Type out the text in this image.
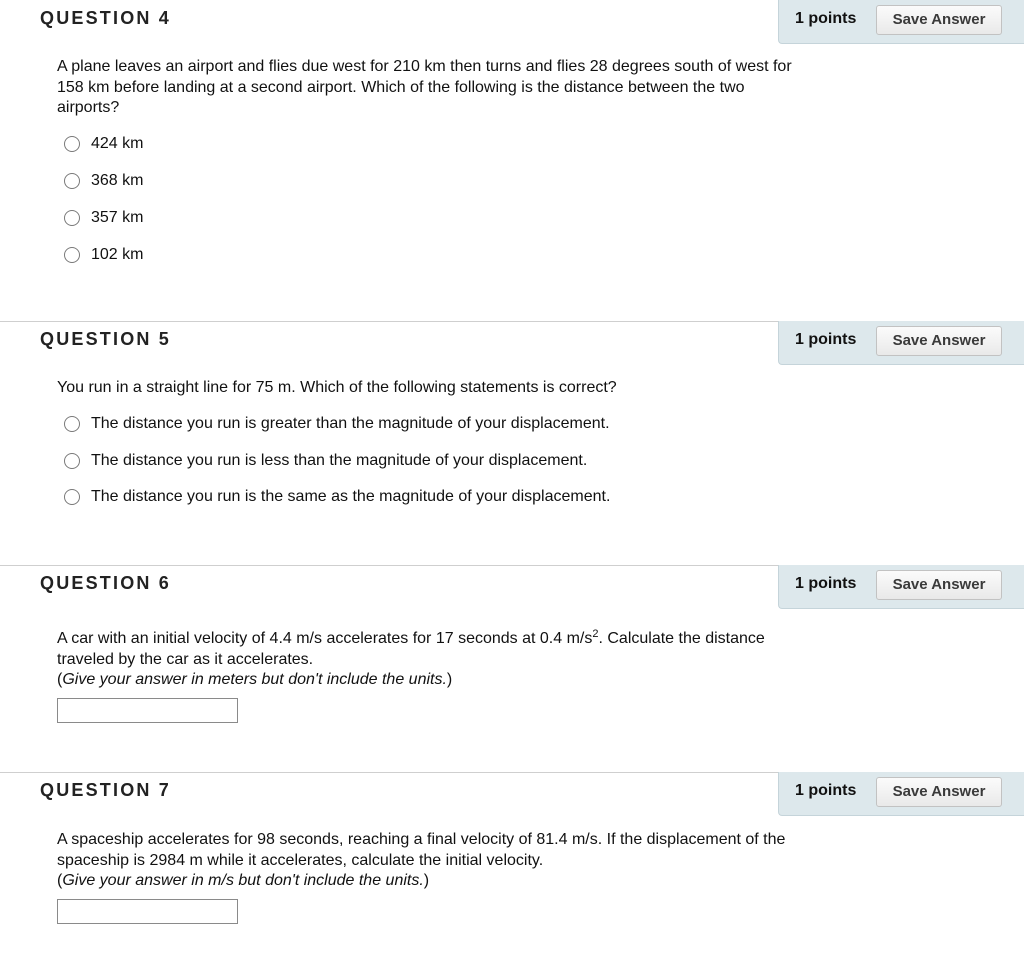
QUESTION 4	1 points	Save Answer
A plane leaves an airport and flies due west for 210 km then turns and flies 28 degrees south of west for 158 km before landing at a second airport. Which of the following is the distance between the two airports?
424 km
368 km
357 km
102 km
QUESTION 5	1 points	Save Answer
You run in a straight line for 75 m. Which of the following statements is correct?
The distance you run is greater than the magnitude of your displacement.
The distance you run is less than the magnitude of your displacement.
The distance you run is the same as the magnitude of your displacement.
QUESTION 6	1 points	Save Answer
A car with an initial velocity of 4.4 m/s accelerates for 17 seconds at 0.4 $m/s^2$. Calculate the distance traveled by the car as it accelerates.
(Give your answer in meters but don't include the units.)
QUESTION 7	1 points	Save Answer
A spaceship accelerates for 98 seconds, reaching a final velocity of 81.4 m/s. If the displacement of the spaceship is 2984 m while it accelerates, calculate the initial velocity.
(Give your answer in m/s but don't include the units.)
